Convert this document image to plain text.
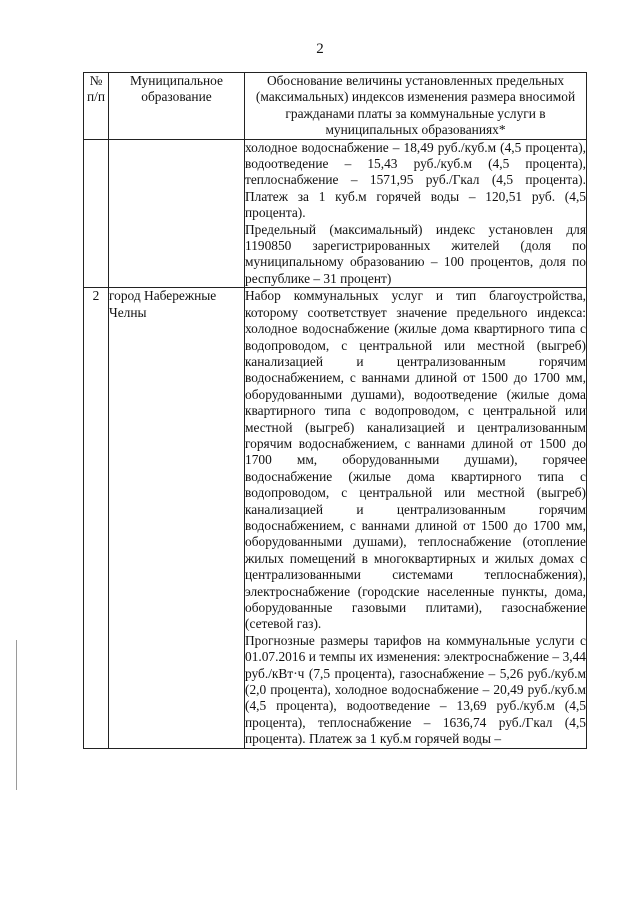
2
№ п/п	Муниципальное образование	Обоснование величины установленных предельных (максимальных) индексов изменения размера вносимой гражданами платы за коммунальные услуги в муниципальных образованиях*

		холодное водоснабжение – 18,49 руб./куб.м (4,5 процента), водоотведение – 15,43 руб./куб.м (4,5 процента), теплоснабжение – 1571,95 руб./Гкал (4,5 процента). Платеж за 1 куб.м горячей воды – 120,51 руб. (4,5 процента).
Предельный (максимальный) индекс установлен для 1190850 зарегистрированных жителей (доля по муниципальному образованию – 100 процентов, доля по республике – 31 процент)

2	город Набережные Челны	Набор коммунальных услуг и тип благоустройства, которому соответствует значение предельного индекса: холодное водоснабжение (жилые дома квартирного типа с водопроводом, с центральной или местной (выгреб) канализацией и централизованным горячим водоснабжением, с ваннами длиной от 1500 до 1700 мм, оборудованными душами), водоотведение (жилые дома квартирного типа с водопроводом, с центральной или местной (выгреб) канализацией и централизованным горячим водоснабжением, с ваннами длиной от 1500 до 1700 мм, оборудованными душами), горячее водоснабжение (жилые дома квартирного типа с водопроводом, с центральной или местной (выгреб) канализацией и централизованным горячим водоснабжением, с ваннами длиной от 1500 до 1700 мм, оборудованными душами), теплоснабжение (отопление жилых помещений в многоквартирных и жилых домах с централизованными системами теплоснабжения), электроснабжение (городские населенные пункты, дома, оборудованные газовыми плитами), газоснабжение (сетевой газ).
Прогнозные размеры тарифов на коммунальные услуги с 01.07.2016 и темпы их изменения: электроснабжение – 3,44 руб./кВт·ч (7,5 процента), газоснабжение – 5,26 руб./куб.м (2,0 процента), холодное водоснабжение – 20,49 руб./куб.м (4,5 процента), водоотведение – 13,69 руб./куб.м (4,5 процента), теплоснабжение – 1636,74 руб./Гкал (4,5 процента). Платеж за 1 куб.м горячей воды –
